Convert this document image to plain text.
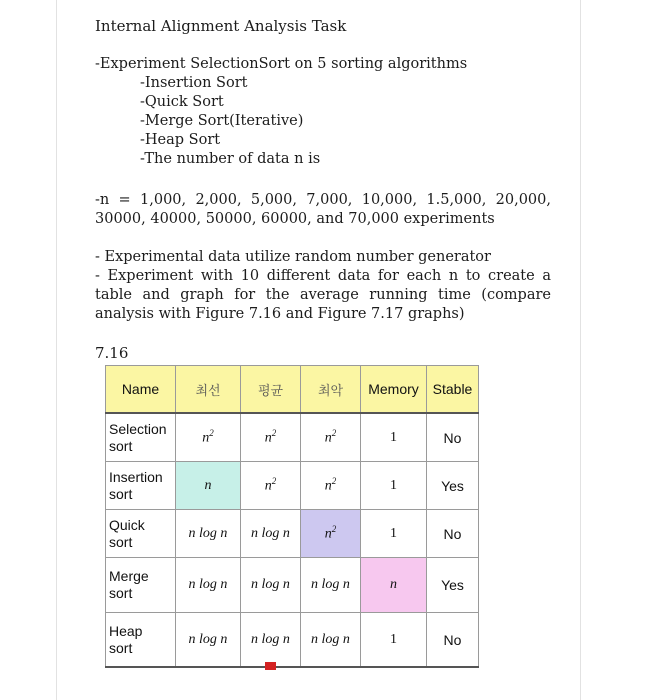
Internal Alignment Analysis Task
-Experiment SelectionSort on 5 sorting algorithms
-Insertion Sort
-Quick Sort
-Merge Sort(Iterative)
-Heap Sort
-The number of data n is
-n = 1,000, 2,000, 5,000, 7,000, 10,000, 1.5,000, 20,000, 30000, 40000, 50000, 60000, and 70,000 experiments
- Experimental data utilize random number generator
- Experiment with 10 different data for each n to create a table and graph for the average running time (compare analysis with Figure 7.16 and Figure 7.17 graphs)
7.16
Name	최선	평균	최악	Memory	Stable
Selection
sort	$n^2$	$n^2$	$n^2$	1	No
Insertion
sort	n	$n^2$	$n^2$	1	Yes
Quick
sort	n log n	n log n	$n^2$	1	No
Merge
sort	n log n	n log n	n log n	n	Yes
Heap
sort	n log n	n log n	n log n	1	No
